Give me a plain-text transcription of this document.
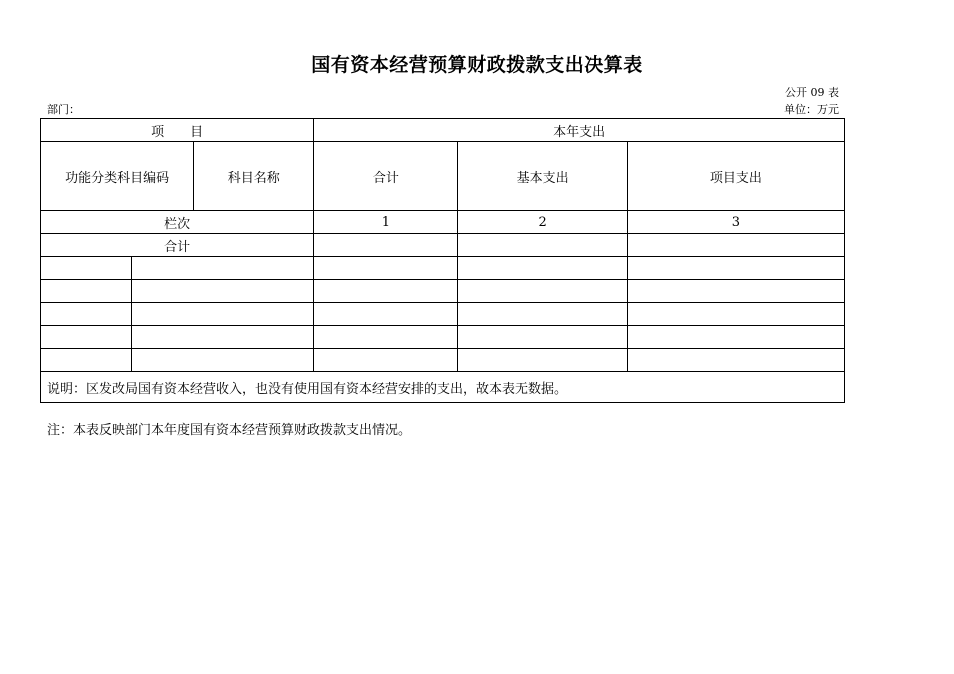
国有资本经营预算财政拨款支出决算表
公开 09 表
部门：	单位：万元
项　　目			本年支出		
功能分类科目编码		科目名称	合计	基本支出	项目支出
栏次			1	2	3
合计					

说明：区发改局国有资本经营收入，也没有使用国有资本经营安排的支出，故本表无数据。					
注：本表反映部门本年度国有资本经营预算财政拨款支出情况。
